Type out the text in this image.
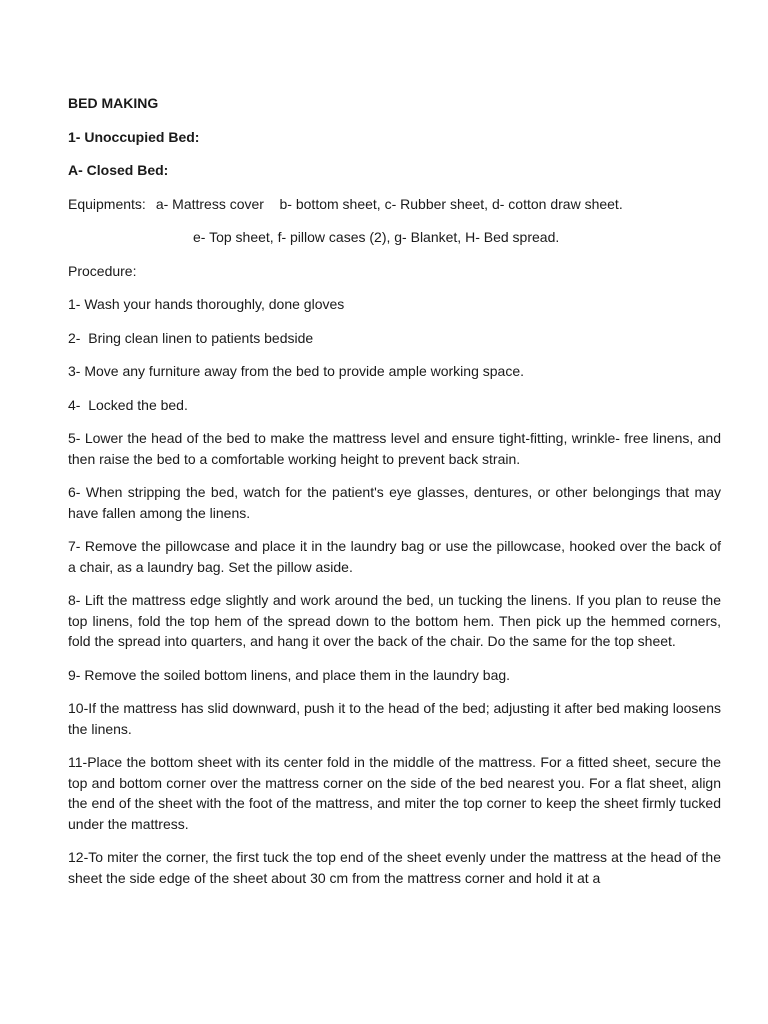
BED MAKING

1- Unoccupied Bed:

A- Closed Bed:

Equipments: a- Mattress cover    b- bottom sheet, c- Rubber sheet, d- cotton draw sheet.

e- Top sheet, f- pillow cases (2), g- Blanket, H- Bed spread.

Procedure:

1- Wash your hands thoroughly, done gloves

2-  Bring clean linen to patients bedside

3- Move any furniture away from the bed to provide ample working space.

4-  Locked the bed.

5- Lower the head of the bed to make the mattress level and ensure tight-fitting, wrinkle- free linens, and then raise the bed to a comfortable working height to prevent back strain.

6- When stripping the bed, watch for the patient's eye glasses, dentures, or other belongings that may have fallen among the linens.

7- Remove the pillowcase and place it in the laundry bag or use the pillowcase, hooked over the back of a chair, as a laundry bag. Set the pillow aside.

8- Lift the mattress edge slightly and work around the bed, un tucking the linens. If you plan to reuse the top linens, fold the top hem of the spread down to the bottom hem. Then pick up the hemmed corners, fold the spread into quarters, and hang it over the back of the chair. Do the same for the top sheet.

9- Remove the soiled bottom linens, and place them in the laundry bag.

10-If the mattress has slid downward, push it to the head of the bed; adjusting it after bed making loosens the linens.

11-Place the bottom sheet with its center fold in the middle of the mattress. For a fitted sheet, secure the top and bottom corner over the mattress corner on the side of the bed nearest you. For a flat sheet, align the end of the sheet with the foot of the mattress, and miter the top corner to keep the sheet firmly tucked under the mattress.

12-To miter the corner, the first tuck the top end of the sheet evenly under the mattress at the head of the sheet the side edge of the sheet about 30 cm from the mattress corner and hold it at a
